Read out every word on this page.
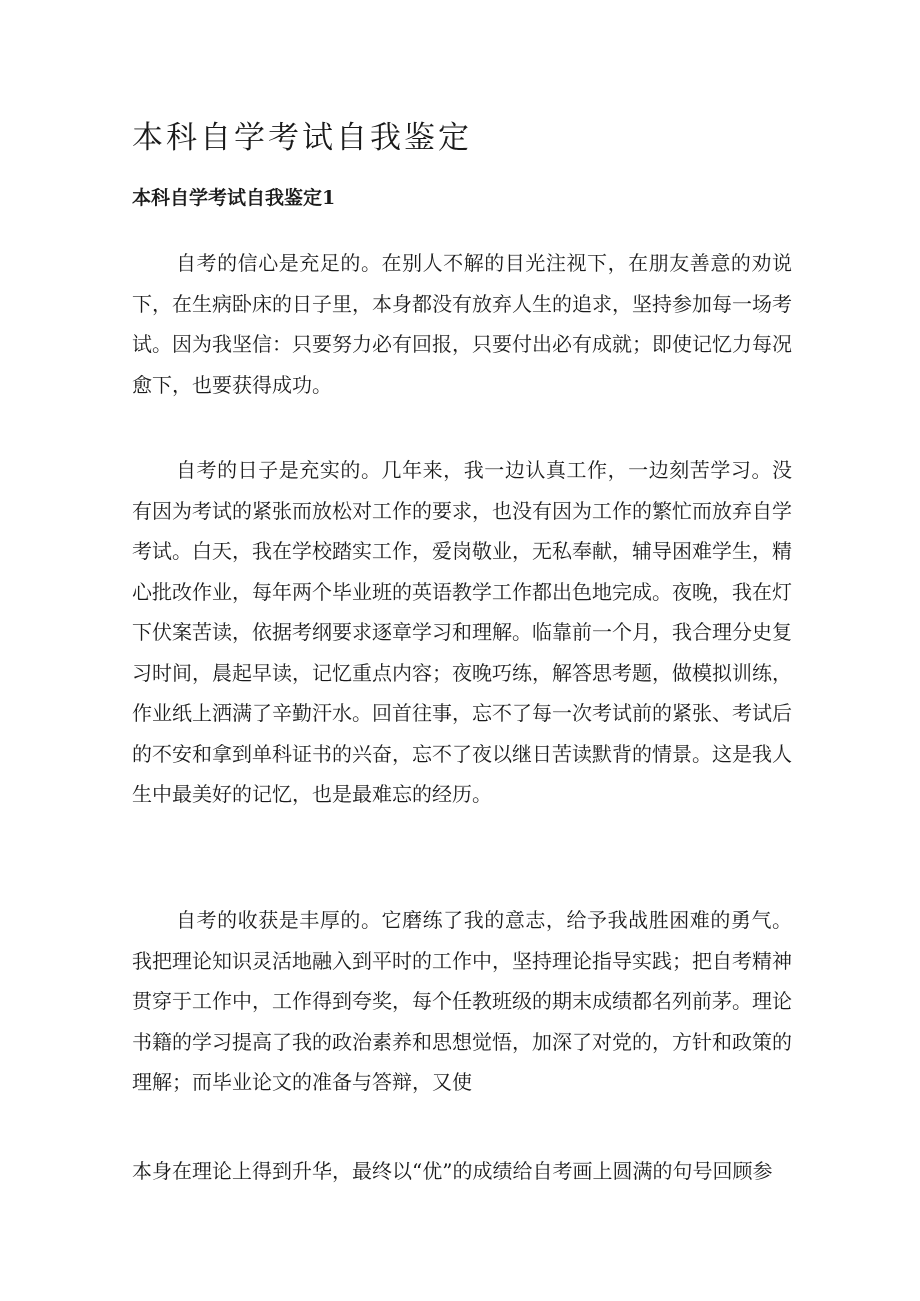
本科自学考试自我鉴定
本科自学考试自我鉴定1

自考的信心是充足的。在别人不解的目光注视下，在朋友善意的劝说下，在生病卧床的日子里，本身都没有放弃人生的追求，坚持参加每一场考试。因为我坚信：只要努力必有回报，只要付出必有成就；即使记忆力每况愈下，也要获得成功。

自考的日子是充实的。几年来，我一边认真工作，一边刻苦学习。没有因为考试的紧张而放松对工作的要求，也没有因为工作的繁忙而放弃自学考试。白天，我在学校踏实工作，爱岗敬业，无私奉献，辅导困难学生，精心批改作业，每年两个毕业班的英语教学工作都出色地完成。夜晚，我在灯下伏案苦读，依据考纲要求逐章学习和理解。临靠前一个月，我合理分史复习时间，晨起早读，记忆重点内容；夜晚巧练，解答思考题，做模拟训练，作业纸上洒满了辛勤汗水。回首往事，忘不了每一次考试前的紧张、考试后的不安和拿到单科证书的兴奋，忘不了夜以继日苦读默背的情景。这是我人生中最美好的记忆，也是最难忘的经历。

自考的收获是丰厚的。它磨练了我的意志，给予我战胜困难的勇气。我把理论知识灵活地融入到平时的工作中，坚持理论指导实践；把自考精神贯穿于工作中，工作得到夸奖，每个任教班级的期末成绩都名列前茅。理论书籍的学习提高了我的政治素养和思想觉悟，加深了对党的，方针和政策的理解；而毕业论文的准备与答辩，又使

本身在理论上得到升华，最终以“优”的成绩给自考画上圆满的句号回顾参
